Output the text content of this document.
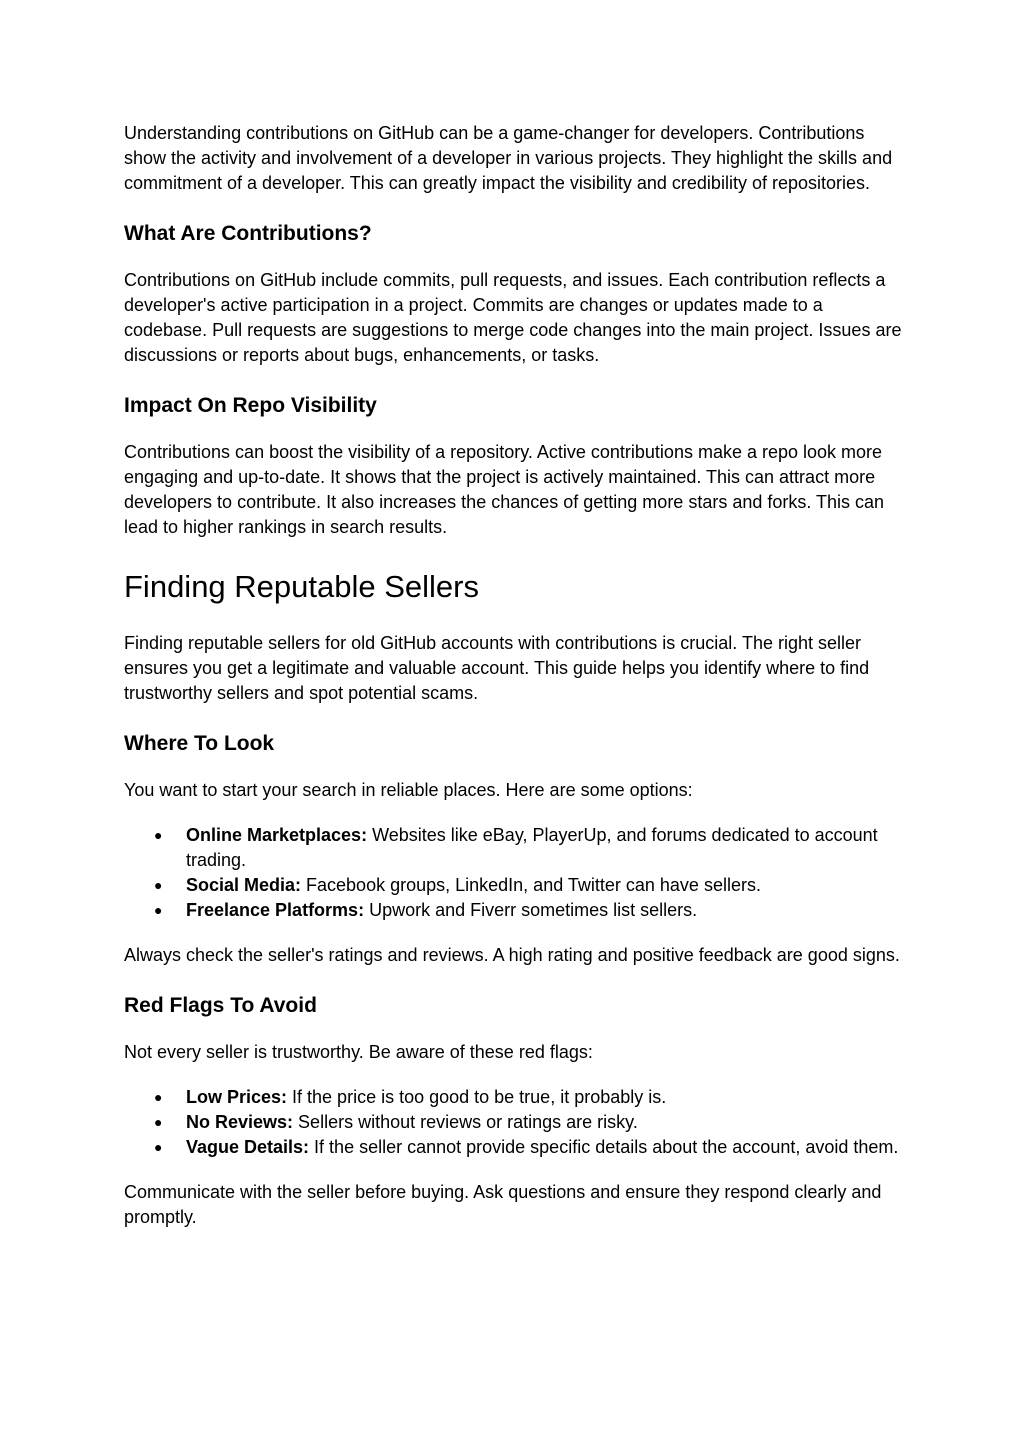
Understanding contributions on GitHub can be a game-changer for developers. Contributions show the activity and involvement of a developer in various projects. They highlight the skills and commitment of a developer. This can greatly impact the visibility and credibility of repositories.

What Are Contributions?

Contributions on GitHub include commits, pull requests, and issues. Each contribution reflects a developer's active participation in a project. Commits are changes or updates made to a codebase. Pull requests are suggestions to merge code changes into the main project. Issues are discussions or reports about bugs, enhancements, or tasks.

Impact On Repo Visibility

Contributions can boost the visibility of a repository. Active contributions make a repo look more engaging and up-to-date. It shows that the project is actively maintained. This can attract more developers to contribute. It also increases the chances of getting more stars and forks. This can lead to higher rankings in search results.

Finding Reputable Sellers

Finding reputable sellers for old GitHub accounts with contributions is crucial. The right seller ensures you get a legitimate and valuable account. This guide helps you identify where to find trustworthy sellers and spot potential scams.

Where To Look

You want to start your search in reliable places. Here are some options:

● Online Marketplaces: Websites like eBay, PlayerUp, and forums dedicated to account trading.
● Social Media: Facebook groups, LinkedIn, and Twitter can have sellers.
● Freelance Platforms: Upwork and Fiverr sometimes list sellers.

Always check the seller's ratings and reviews. A high rating and positive feedback are good signs.

Red Flags To Avoid

Not every seller is trustworthy. Be aware of these red flags:

● Low Prices: If the price is too good to be true, it probably is.
● No Reviews: Sellers without reviews or ratings are risky.
● Vague Details: If the seller cannot provide specific details about the account, avoid them.

Communicate with the seller before buying. Ask questions and ensure they respond clearly and promptly.
